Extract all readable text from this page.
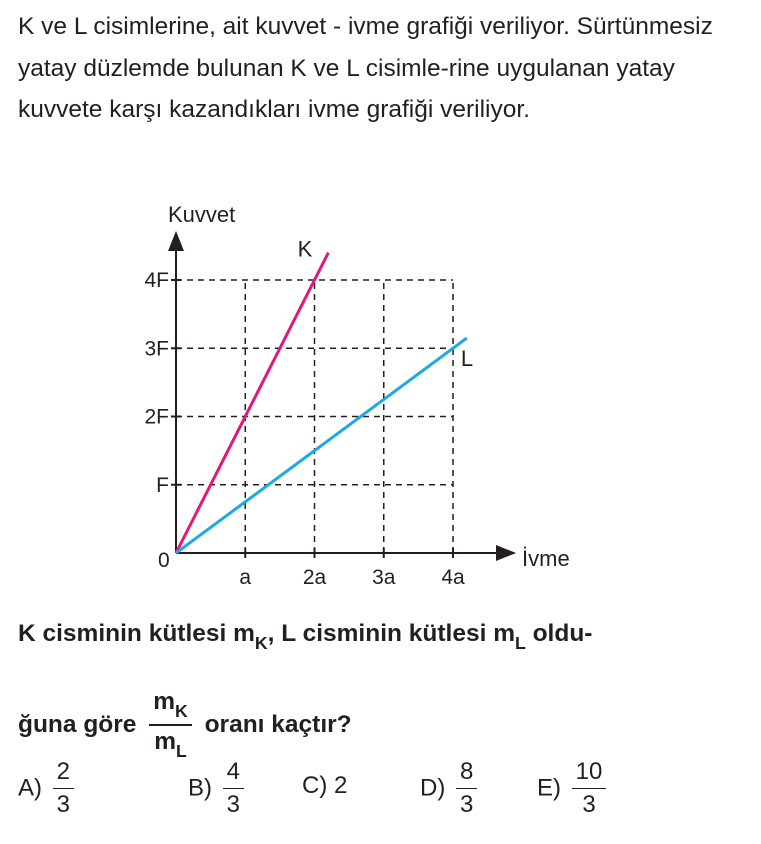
K ve L cisimlerine, ait kuvvet - ivme grafiği veriliyor. Sürtünmesiz yatay düzlemde bulunan K ve L cisimle-rine uygulanan yatay kuvvete karşı kazandıkları ivme grafiği veriliyor.

Kuvvet
İvme
0
a 2a 3a 4a
F
2F
3F
4F
K
L
K cisminin kütlesi $m_K$, L cisminin kütlesi $m_L$ oldu-
ğuna göre $\frac{m_K}{m_L}$ oranı kaçtır?
$A) \frac{2}{3}$	$B) \frac{4}{3} C$) 2	$D) \frac{8}{3} E) \frac{10}{3}$
